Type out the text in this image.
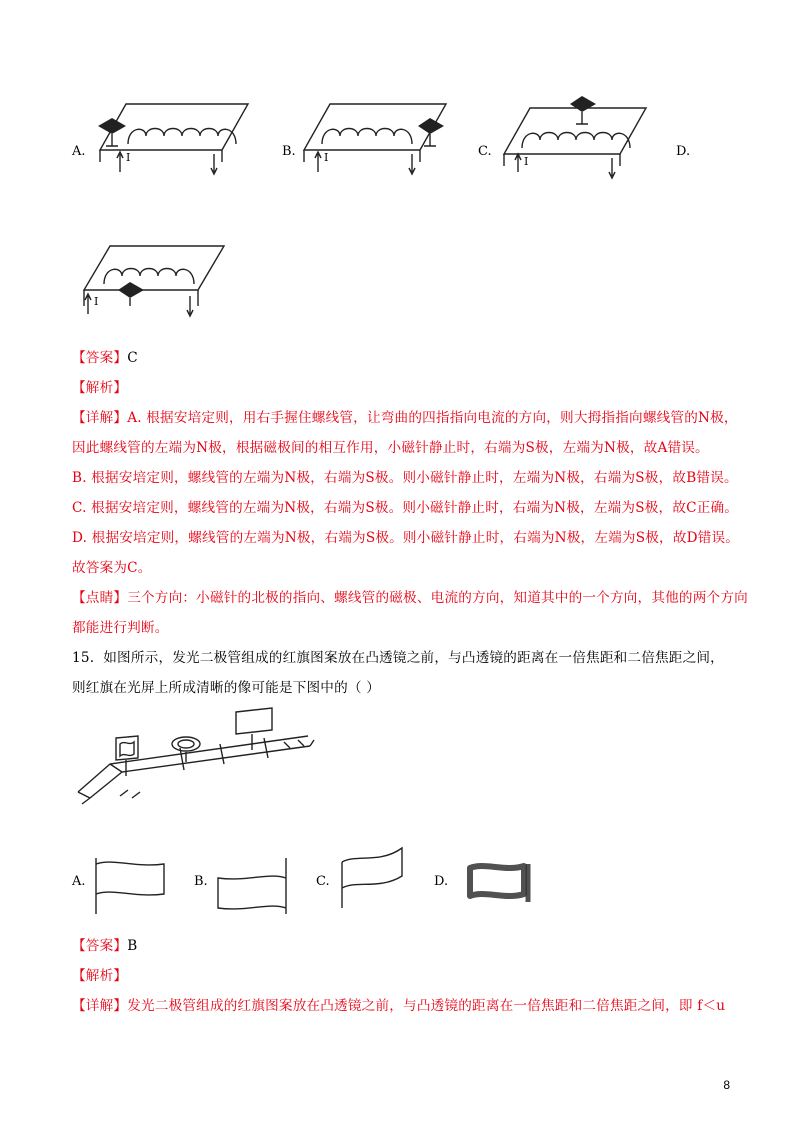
A.	I	B.	I	C.
I
D.
I
【答案】C
【解析】
【详解】A. 根据安培定则，用右手握住螺线管，让弯曲的四指指向电流的方向，则大拇指指向螺线管的N极，
因此螺线管的左端为N极，根据磁极间的相互作用，小磁针静止时，右端为S极，左端为N极，故A错误。
B. 根据安培定则，螺线管的左端为N极，右端为S极。则小磁针静止时，左端为N极，右端为S极，故B错误。
C. 根据安培定则，螺线管的左端为N极，右端为S极。则小磁针静止时，右端为N极，左端为S极，故C正确。
D. 根据安培定则，螺线管的左端为N极，右端为S极。则小磁针静止时，右端为N极，左端为S极，故D错误。
故答案为C。
【点睛】三个方向：小磁针的北极的指向、螺线管的磁极、电流的方向，知道其中的一个方向，其他的两个方向
都能进行判断。
15. 如图所示，发光二极管组成的红旗图案放在凸透镜之前，与凸透镜的距离在一倍焦距和二倍焦距之间，
则红旗在光屏上所成清晰的像可能是下图中的（ ）
A.	B.	C.	D.
【答案】B
【解析】
【详解】发光二极管组成的红旗图案放在凸透镜之前，与凸透镜的距离在一倍焦距和二倍焦距之间，即 f＜u
8
